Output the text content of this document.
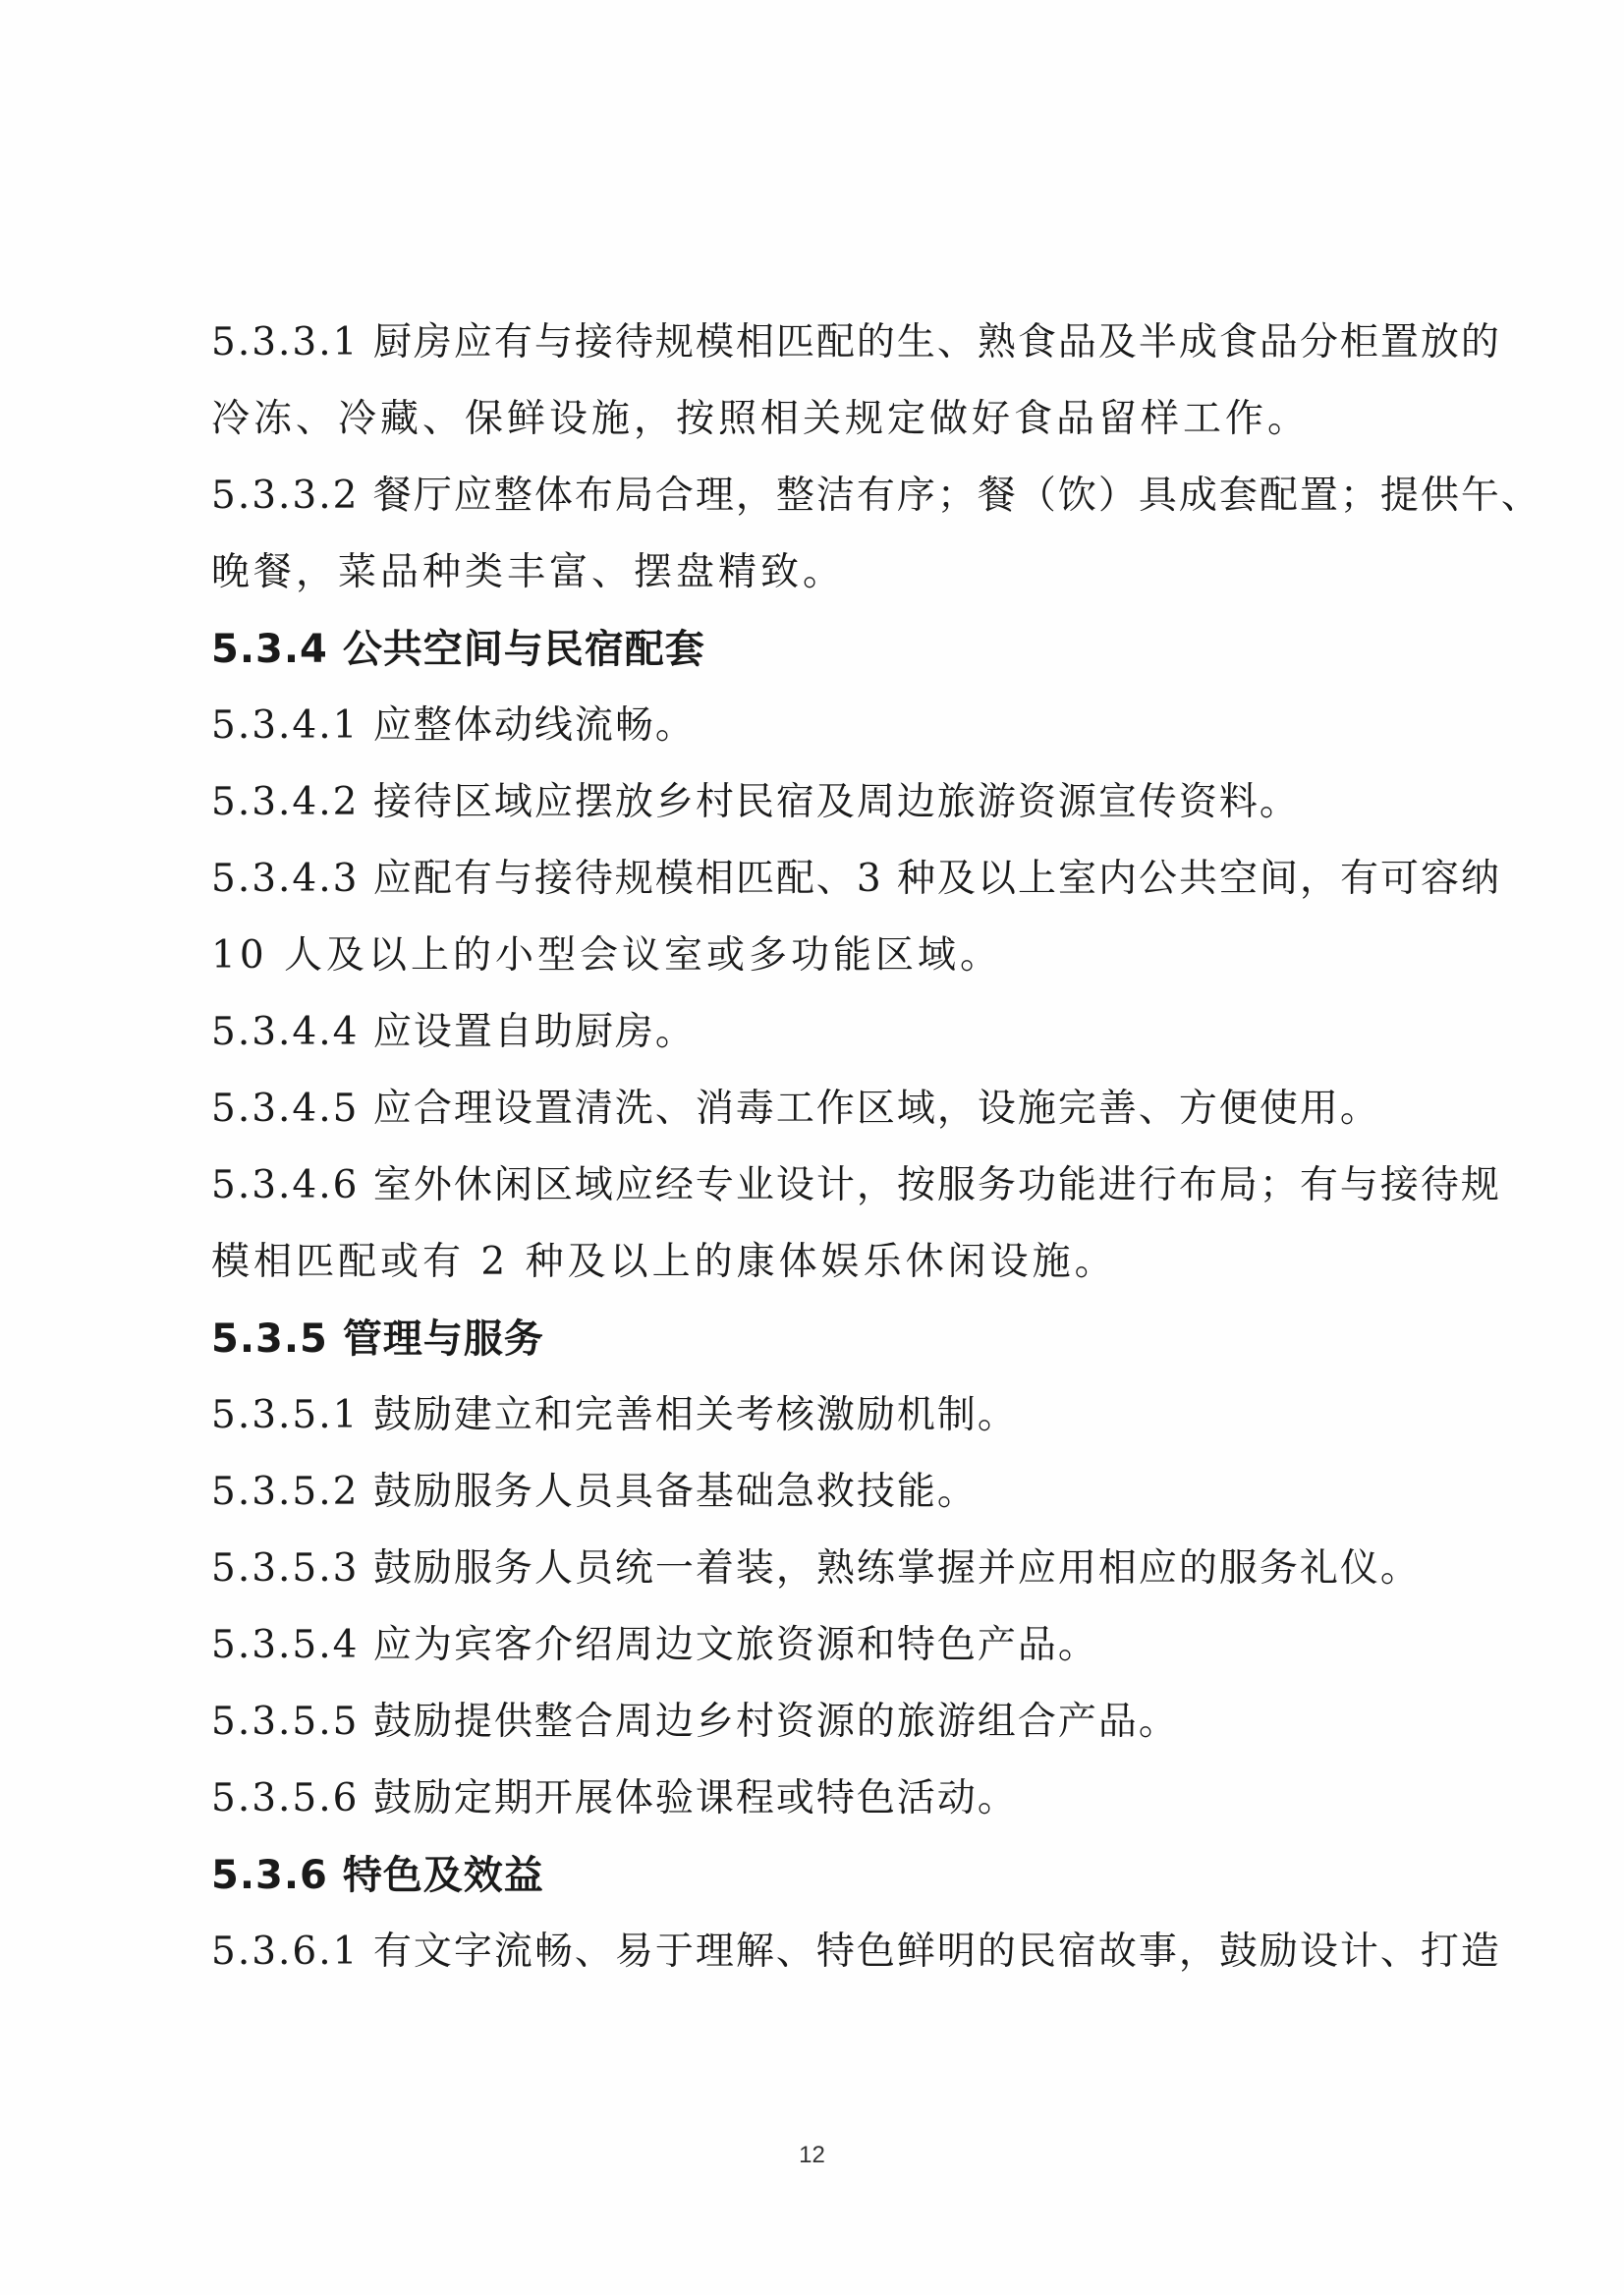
5.3.3.1 厨房应有与接待规模相匹配的生、熟食品及半成食品分柜置放的

冷冻、冷藏、保鲜设施，按照相关规定做好食品留样工作。

5.3.3.2 餐厅应整体布局合理，整洁有序；餐（饮）具成套配置；提供午、

晚餐，菜品种类丰富、摆盘精致。

5.3.4 公共空间与民宿配套

5.3.4.1 应整体动线流畅。

5.3.4.2 接待区域应摆放乡村民宿及周边旅游资源宣传资料。

5.3.4.3 应配有与接待规模相匹配、3 种及以上室内公共空间，有可容纳

10 人及以上的小型会议室或多功能区域。

5.3.4.4 应设置自助厨房。

5.3.4.5 应合理设置清洗、消毒工作区域，设施完善、方便使用。

5.3.4.6 室外休闲区域应经专业设计，按服务功能进行布局；有与接待规

模相匹配或有 2 种及以上的康体娱乐休闲设施。

5.3.5 管理与服务

5.3.5.1 鼓励建立和完善相关考核激励机制。

5.3.5.2 鼓励服务人员具备基础急救技能。

5.3.5.3 鼓励服务人员统一着装，熟练掌握并应用相应的服务礼仪。

5.3.5.4 应为宾客介绍周边文旅资源和特色产品。

5.3.5.5 鼓励提供整合周边乡村资源的旅游组合产品。

5.3.5.6 鼓励定期开展体验课程或特色活动。

5.3.6 特色及效益

5.3.6.1 有文字流畅、易于理解、特色鲜明的民宿故事，鼓励设计、打造

12
